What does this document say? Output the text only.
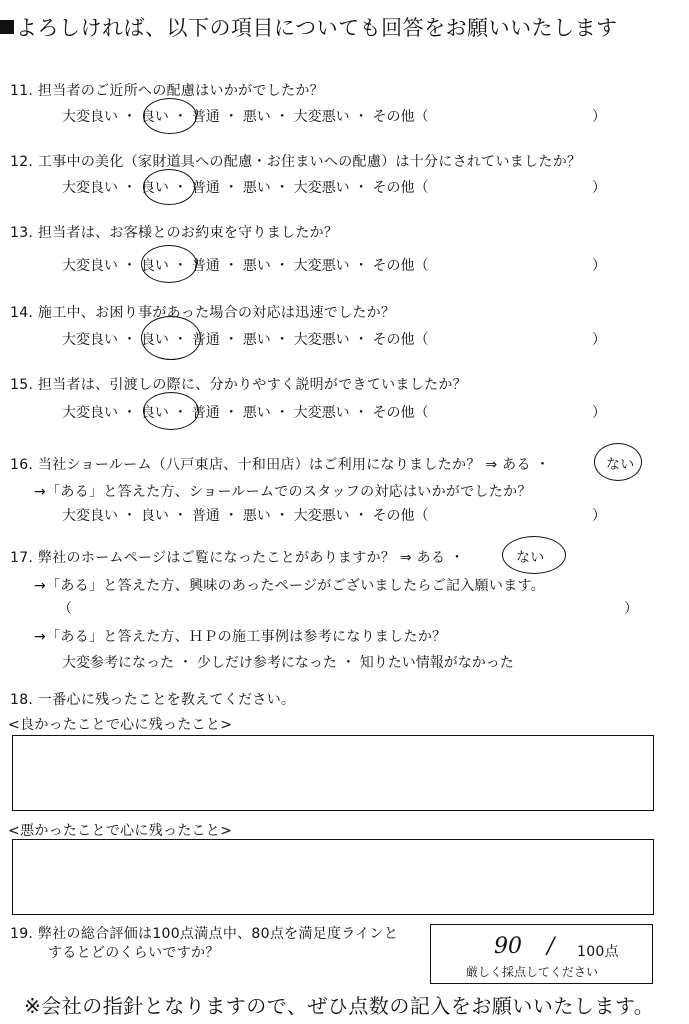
よろしければ、以下の項目についても回答をお願いいたします
11. 担当者のご近所への配慮はいかがでしたか？
大変良い ・ 良い ・ 普通 ・ 悪い ・ 大変悪い ・ その他（	）
12. 工事中の美化（家財道具への配慮・お住まいへの配慮）は十分にされていましたか？
大変良い ・ 良い ・ 普通 ・ 悪い ・ 大変悪い ・ その他（	）
13. 担当者は、お客様とのお約束を守りましたか？
大変良い ・ 良い ・ 普通 ・ 悪い ・ 大変悪い ・ その他（	）
14. 施工中、お困り事があった場合の対応は迅速でしたか？
大変良い ・ 良い ・ 普通 ・ 悪い ・ 大変悪い ・ その他（	）
15. 担当者は、引渡しの際に、分かりやすく説明ができていましたか？
大変良い ・ 良い ・ 普通 ・ 悪い ・ 大変悪い ・ その他（	）
16. 当社ショールーム（八戸東店、十和田店）はご利用になりましたか？ ⇒ ある ・	ない
→「ある」と答えた方、ショールームでのスタッフの対応はいかがでしたか？
大変良い ・ 良い ・ 普通 ・ 悪い ・ 大変悪い ・ その他（	）
17. 弊社のホームページはご覧になったことがありますか？ ⇒ ある ・	ない
→「ある」と答えた方、興味のあったページがございましたらご記入願います。
（	）
→「ある」と答えた方、ＨＰの施工事例は参考になりましたか？
大変参考になった ・ 少しだけ参考になった ・ 知りたい情報がなかった
18. 一番心に残ったことを教えてください。
<良かったことで心に残ったこと>
<悪かったことで心に残ったこと>
19. 弊社の総合評価は100点満点中、80点を満足度ラインと
するとどのくらいですか？	90 / 100点
厳しく採点してください
※会社の指針となりますので、ぜひ点数の記入をお願いいたします。
